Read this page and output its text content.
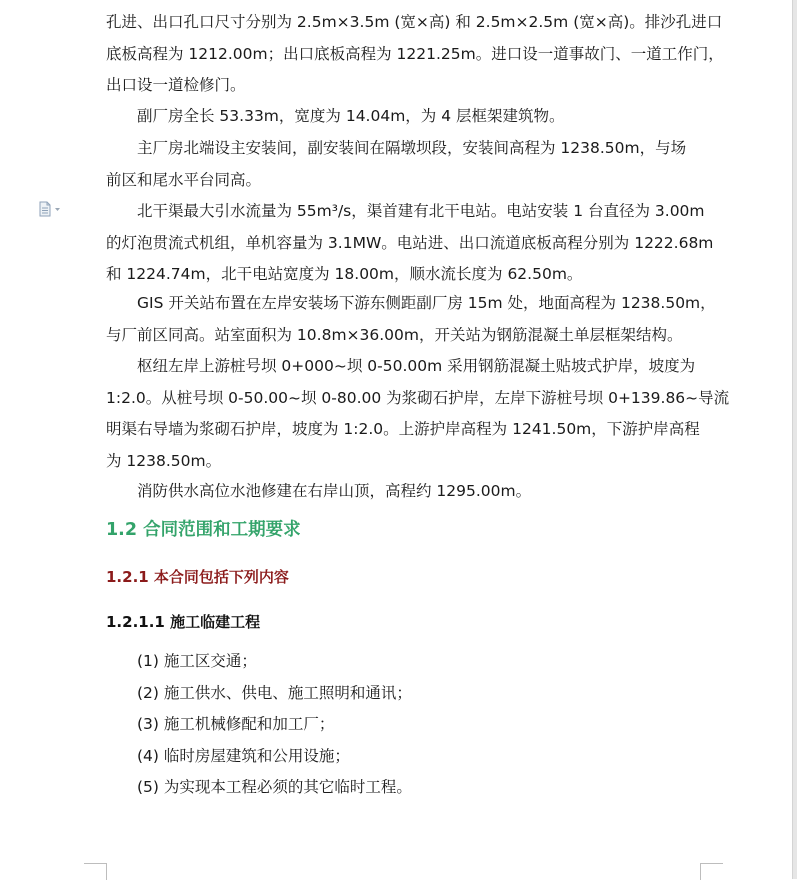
孔进、出口孔口尺寸分别为 2.5m×3.5m (宽×高) 和 2.5m×2.5m (宽×高)。排沙孔进口
底板高程为 1212.00m；出口底板高程为 1221.25m。进口设一道事故门、一道工作门，
出口设一道检修门。

副厂房全长 53.33m，宽度为 14.04m，为 4 层框架建筑物。

主厂房北端设主安装间，副安装间在隔墩坝段，安装间高程为 1238.50m，与场
前区和尾水平台同高。

北干渠最大引水流量为 55m³/s，渠首建有北干电站。电站安装 1 台直径为 3.00m
的灯泡贯流式机组，单机容量为 3.1MW。电站进、出口流道底板高程分别为 1222.68m
和 1224.74m，北干电站宽度为 18.00m，顺水流长度为 62.50m。

GIS 开关站布置在左岸安装场下游东侧距副厂房 15m 处，地面高程为 1238.50m，
与厂前区同高。站室面积为 10.8m×36.00m，开关站为钢筋混凝土单层框架结构。

枢纽左岸上游桩号坝 0+000~坝 0-50.00m 采用钢筋混凝土贴坡式护岸，坡度为
1:2.0。从桩号坝 0-50.00~坝 0-80.00 为浆砌石护岸，左岸下游桩号坝 0+139.86~导流
明渠右导墙为浆砌石护岸，坡度为 1:2.0。上游护岸高程为 1241.50m，下游护岸高程
为 1238.50m。

消防供水高位水池修建在右岸山顶，高程约 1295.00m。

1.2 合同范围和工期要求
1.2.1 本合同包括下列内容
1.2.1.1 施工临建工程
(1) 施工区交通；
(2) 施工供水、供电、施工照明和通讯；
(3) 施工机械修配和加工厂；
(4) 临时房屋建筑和公用设施；
(5) 为实现本工程必须的其它临时工程。
